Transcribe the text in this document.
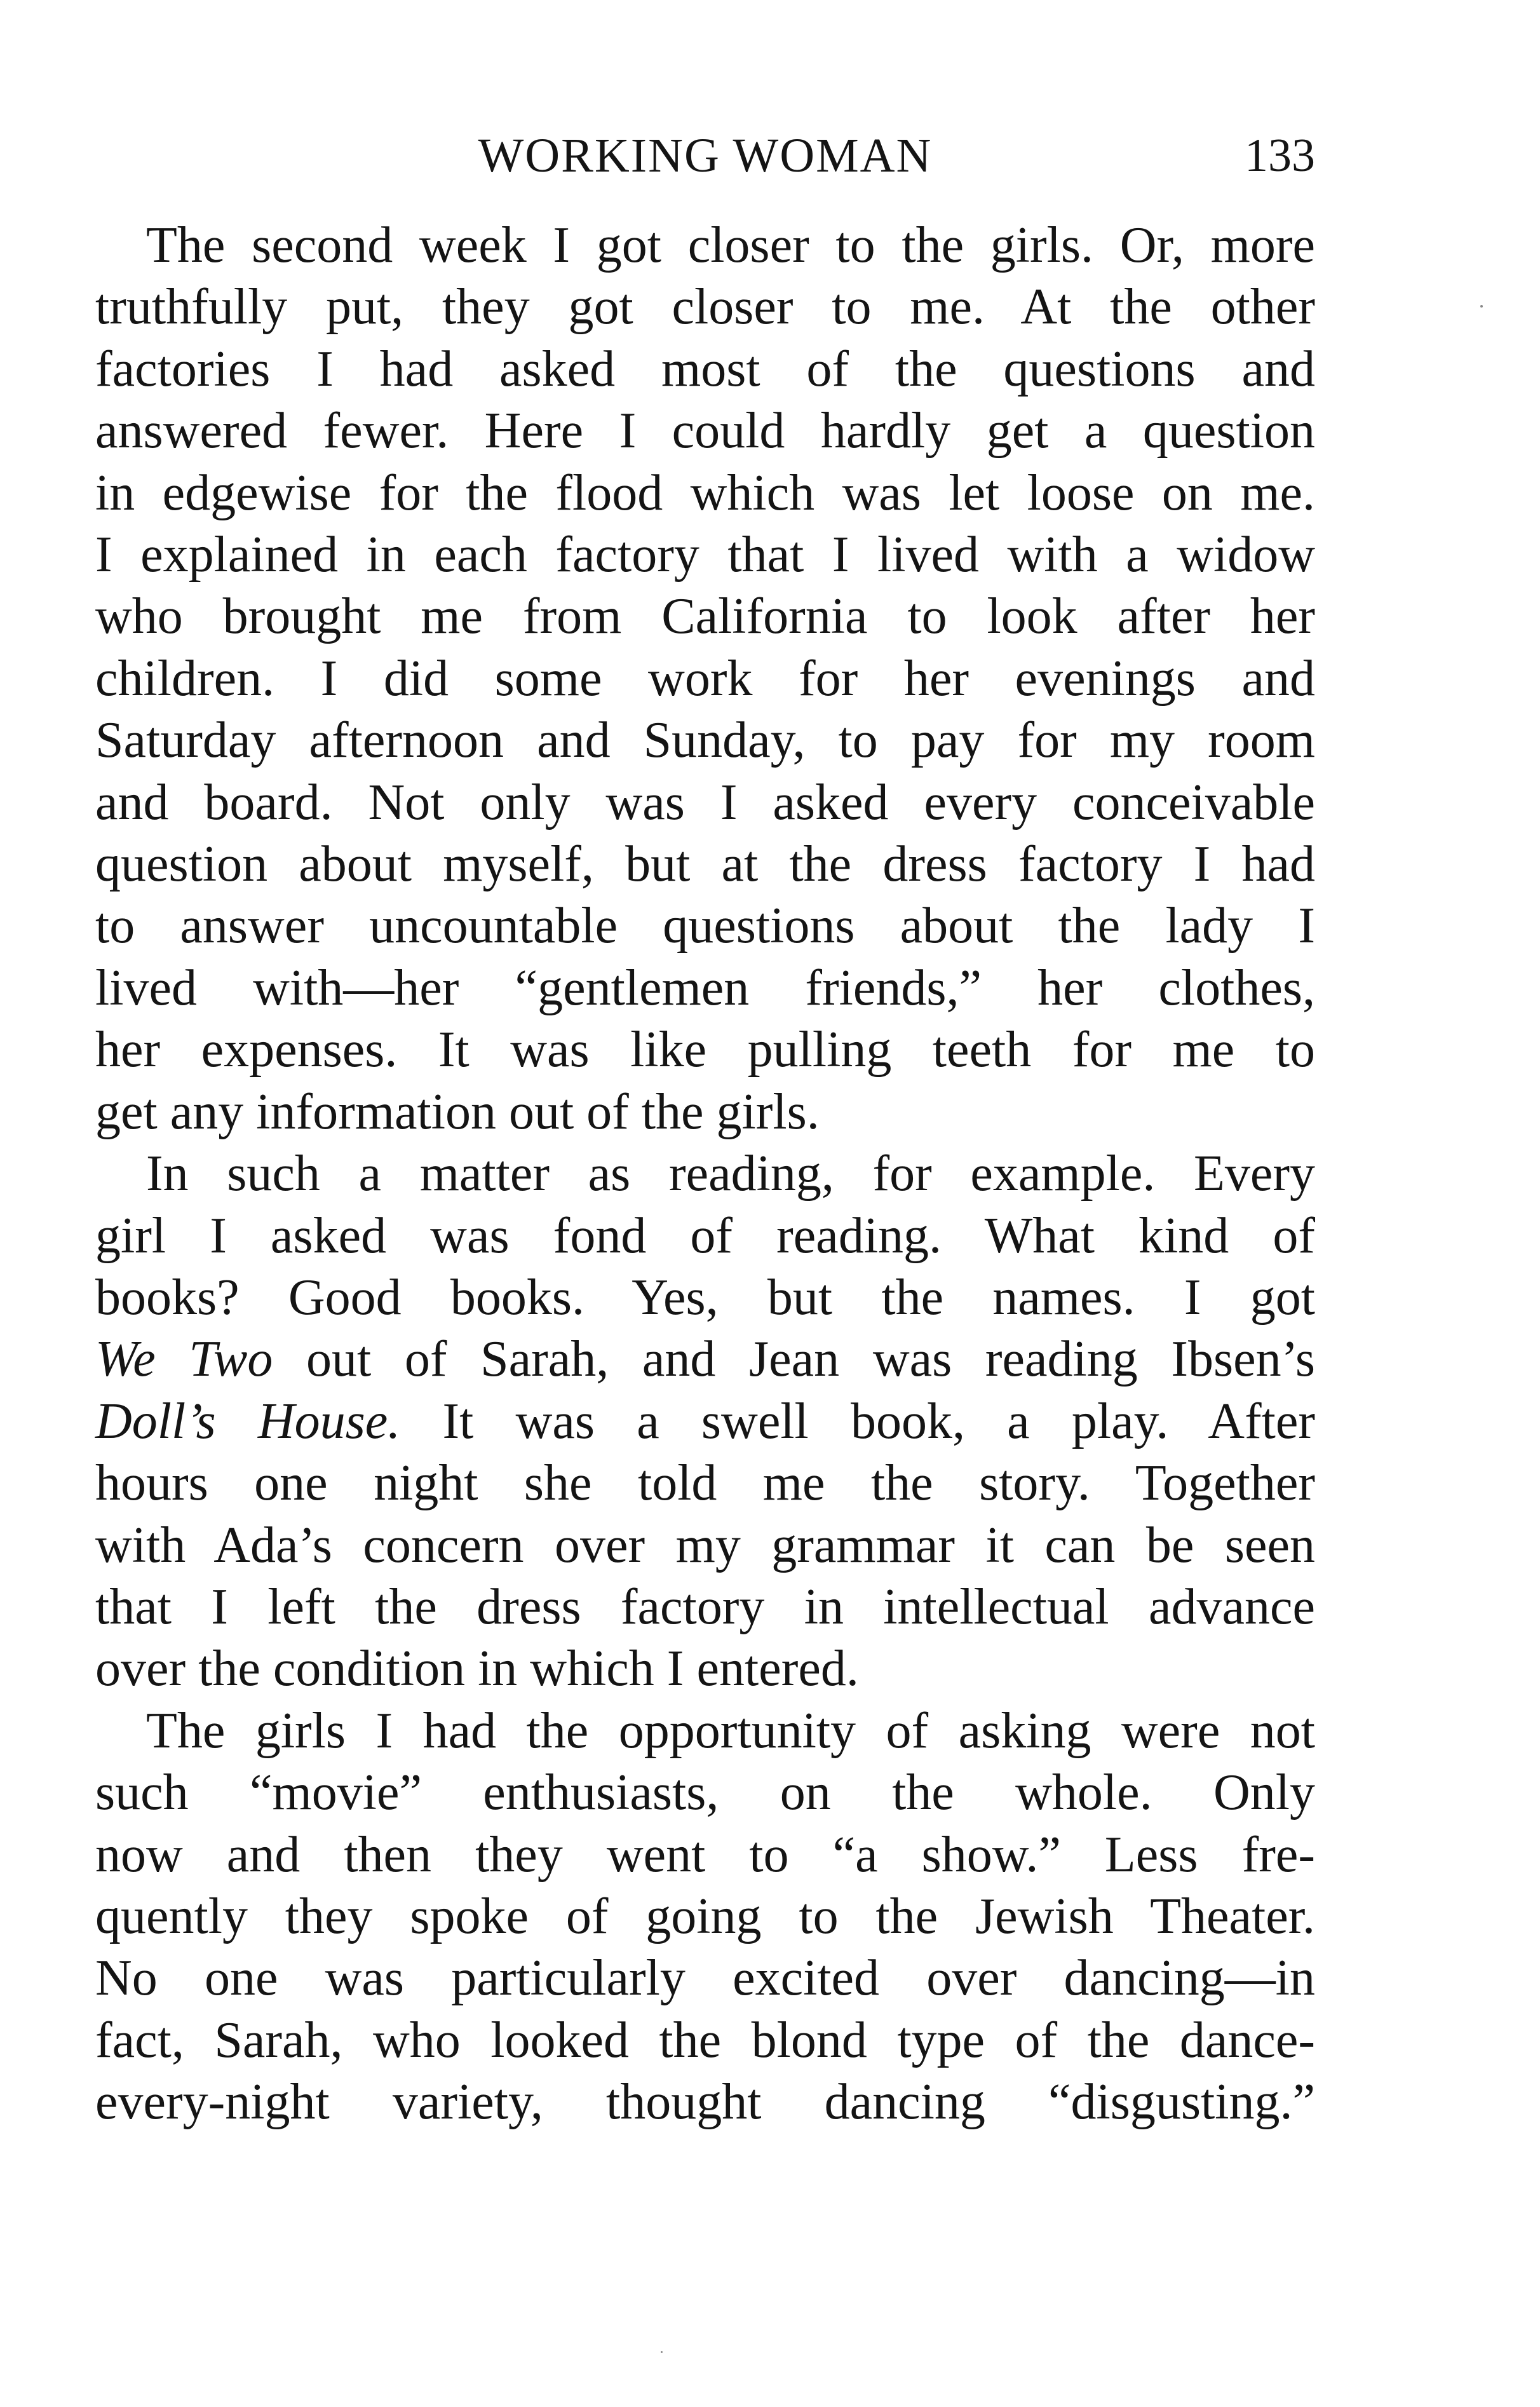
WORKING WOMAN	133

The second week I got closer to the girls. Or, more
truthfully put, they got closer to me. At the other
factories I had asked most of the questions and
answered fewer. Here I could hardly get a question
in edgewise for the flood which was let loose on me.
I explained in each factory that I lived with a widow
who brought me from California to look after her
children. I did some work for her evenings and
Saturday afternoon and Sunday, to pay for my room
and board. Not only was I asked every conceivable
question about myself, but at the dress factory I had
to answer uncountable questions about the lady I
lived with—her “gentlemen friends,” her clothes,
her expenses. It was like pulling teeth for me to
get any information out of the girls.

In such a matter as reading, for example. Every
girl I asked was fond of reading. What kind of
books? Good books. Yes, but the names. I got
We Two out of Sarah, and Jean was reading Ibsen’s
Doll’s House. It was a swell book, a play. After
hours one night she told me the story. Together
with Ada’s concern over my grammar it can be seen
that I left the dress factory in intellectual advance
over the condition in which I entered.

The girls I had the opportunity of asking were not
such “movie” enthusiasts, on the whole. Only
now and then they went to “a show.” Less fre-
quently they spoke of going to the Jewish Theater.
No one was particularly excited over dancing—in
fact, Sarah, who looked the blond type of the dance-
every-night variety, thought dancing “disgusting.”
